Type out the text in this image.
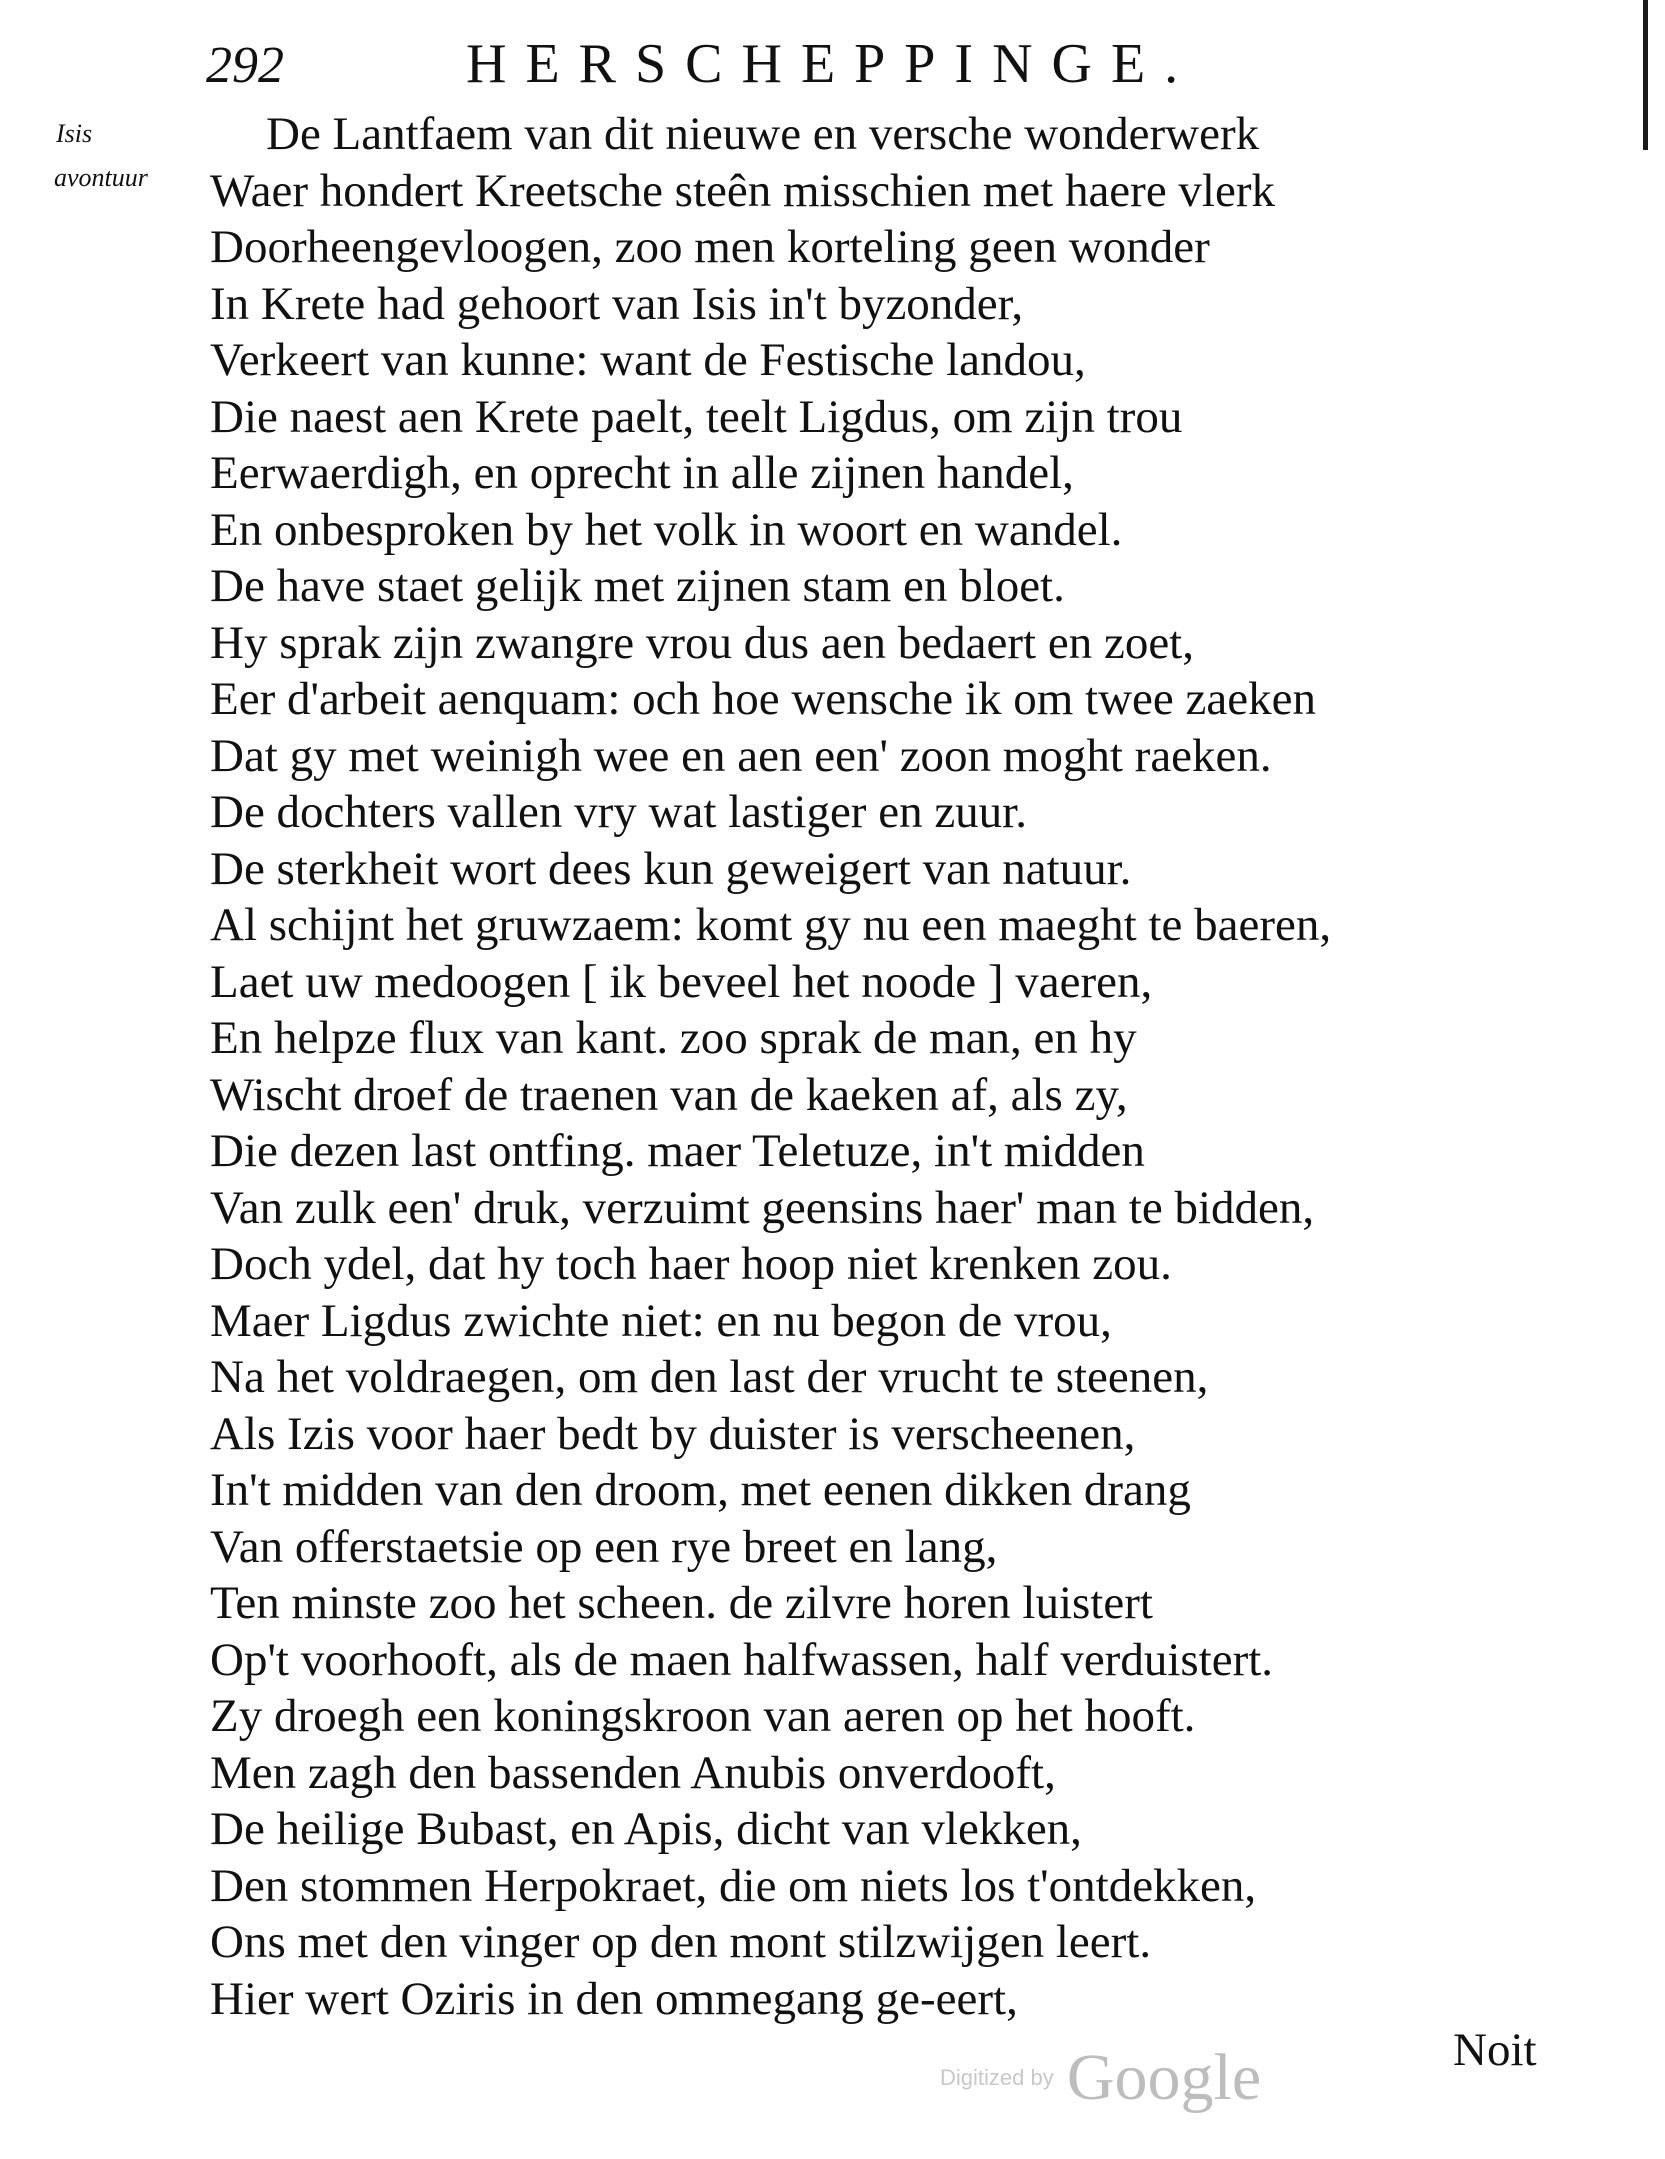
292	HERSCHEPPINGE.
Isis
avontuur
De Lantfaem van dit nieuwe en versche wonderwerk
Waer hondert Kreetsche steên misschien met haere vlerk
Doorheengevloogen, zoo men korteling geen wonder
In Krete had gehoort van Isis in't byzonder,
Verkeert van kunne: want de Festische landou,
Die naest aen Krete paelt, teelt Ligdus, om zijn trou
Eerwaerdigh, en oprecht in alle zijnen handel,
En onbesproken by het volk in woort en wandel.
De have staet gelijk met zijnen stam en bloet.
Hy sprak zijn zwangre vrou dus aen bedaert en zoet,
Eer d'arbeit aenquam: och hoe wensche ik om twee zaeken
Dat gy met weinigh wee en aen een' zoon moght raeken.
De dochters vallen vry wat lastiger en zuur.
De sterkheit wort dees kun geweigert van natuur.
Al schijnt het gruwzaem: komt gy nu een maeght te baeren,
Laet uw medoogen [ ik beveel het noode ] vaeren,
En helpze flux van kant. zoo sprak de man, en hy
Wischt droef de traenen van de kaeken af, als zy,
Die dezen last ontfing. maer Teletuze, in't midden
Van zulk een' druk, verzuimt geensins haer' man te bidden,
Doch ydel, dat hy toch haer hoop niet krenken zou.
Maer Ligdus zwichte niet: en nu begon de vrou,
Na het voldraegen, om den last der vrucht te steenen,
Als Izis voor haer bedt by duister is verscheenen,
In't midden van den droom, met eenen dikken drang
Van offerstaetsie op een rye breet en lang,
Ten minste zoo het scheen. de zilvre horen luistert
Op't voorhooft, als de maen halfwassen, half verduistert.
Zy droegh een koningskroon van aeren op het hooft.
Men zagh den bassenden Anubis onverdooft,
De heilige Bubast, en Apis, dicht van vlekken,
Den stommen Herpokraet, die om niets los t'ontdekken,
Ons met den vinger op den mont stilzwijgen leert.
Hier wert Oziris in den ommegang ge-eert,
Noit
Digitized by Google
